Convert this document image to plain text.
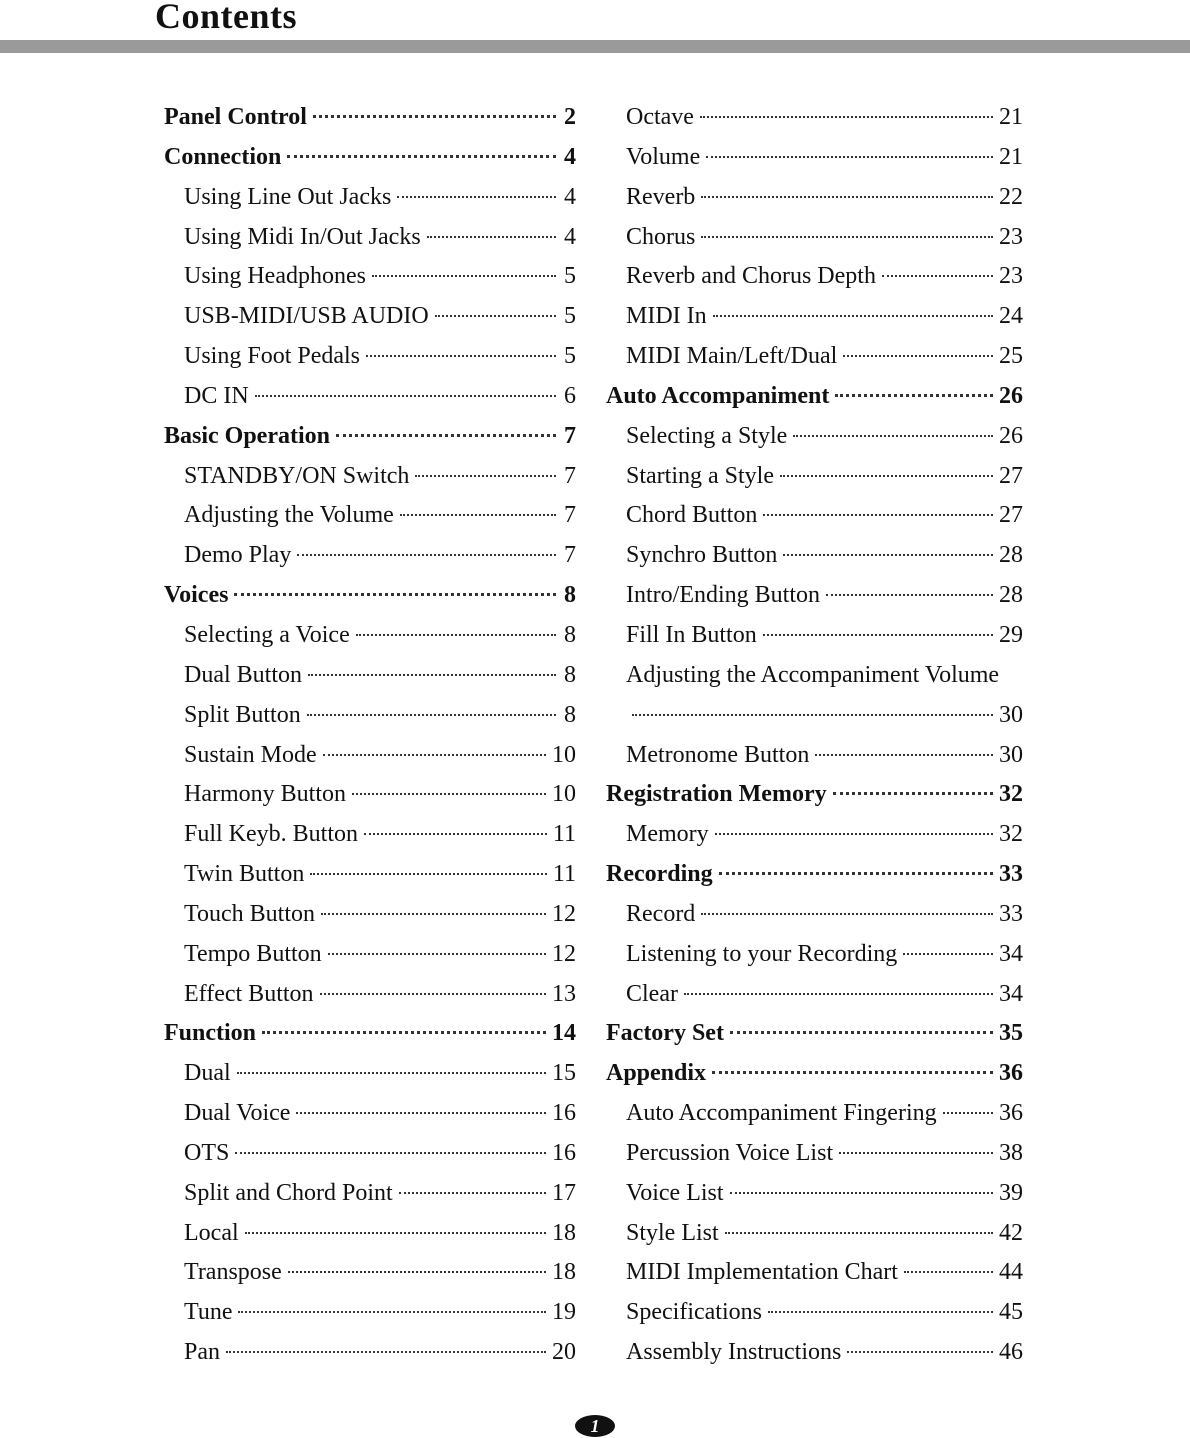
Contents
Panel Control	2
Connection	4
Using Line Out Jacks	4
Using Midi In/Out Jacks	4
Using Headphones	5
USB-MIDI/USB AUDIO	5
Using Foot Pedals	5
DC IN	6
Basic Operation	7
STANDBY/ON Switch	7
Adjusting the Volume	7
Demo Play	7
Voices	8
Selecting a Voice	8
Dual Button	8
Split Button	8
Sustain Mode	10
Harmony Button	10
Full Keyb. Button	11
Twin Button	11
Touch Button	12
Tempo Button	12
Effect Button	13
Function	14
Dual	15
Dual Voice	16
OTS	16
Split and Chord Point	17
Local	18
Transpose	18
Tune	19
Pan	20
Octave	21
Volume	21
Reverb	22
Chorus	23
Reverb and Chorus Depth	23
MIDI In	24
MIDI Main/Left/Dual	25
Auto Accompaniment	26
Selecting a Style	26
Starting a Style	27
Chord Button	27
Synchro Button	28
Intro/Ending Button	28
Fill In Button	29
Adjusting the Accompaniment Volume
30
Metronome Button	30
Registration Memory	32
Memory	32
Recording	33
Record	33
Listening to your Recording	34
Clear	34
Factory Set	35
Appendix	36
Auto Accompaniment Fingering	36
Percussion Voice List	38
Voice List	39
Style List	42
MIDI Implementation Chart	44
Specifications	45
Assembly Instructions	46
1
